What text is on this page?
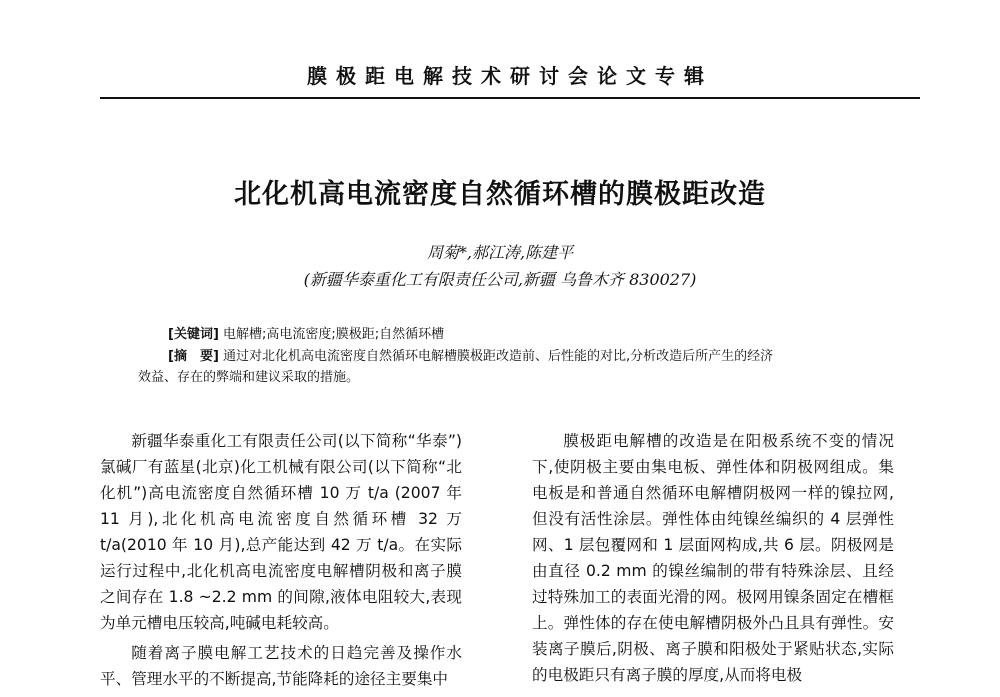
膜极距电解技术研讨会论文专辑
北化机高电流密度自然循环槽的膜极距改造
周菊*,郝江涛,陈建平
(新疆华泰重化工有限责任公司,新疆 乌鲁木齐 830027)
[关键词] 电解槽;高电流密度;膜极距;自然循环槽
[摘　要] 通过对北化机高电流密度自然循环电解槽膜极距改造前、后性能的对比,分析改造后所产生的经济
效益、存在的弊端和建议采取的措施。

新疆华泰重化工有限责任公司(以下简称“华泰”)氯碱厂有蓝星(北京)化工机械有限公司(以下简称“北化机”)高电流密度自然循环槽 10 万 t/a (2007 年 11 月),北化机高电流密度自然循环槽 32 万 t/a(2010 年 10 月),总产能达到 42 万 t/a。在实际运行过程中,北化机高电流密度电解槽阴极和离子膜之间存在 1.8 ~2.2 mm 的间隙,液体电阻较大,表现为单元槽电压较高,吨碱电耗较高。

随着离子膜电解工艺技术的日趋完善及操作水平、管理水平的不断提高,节能降耗的途径主要集中

膜极距电解槽的改造是在阳极系统不变的情况下,使阴极主要由集电板、弹性体和阴极网组成。集电板是和普通自然循环电解槽阴极网一样的镍拉网,但没有活性涂层。弹性体由纯镍丝编织的 4 层弹性网、1 层包覆网和 1 层面网构成,共 6 层。阴极网是由直径 0.2 mm 的镍丝编制的带有特殊涂层、且经过特殊加工的表面光滑的网。极网用镍条固定在槽框上。弹性体的存在使电解槽阴极外凸且具有弹性。安装离子膜后,阴极、离子膜和阳极处于紧贴状态,实际的电极距只有离子膜的厚度,从而将电极
